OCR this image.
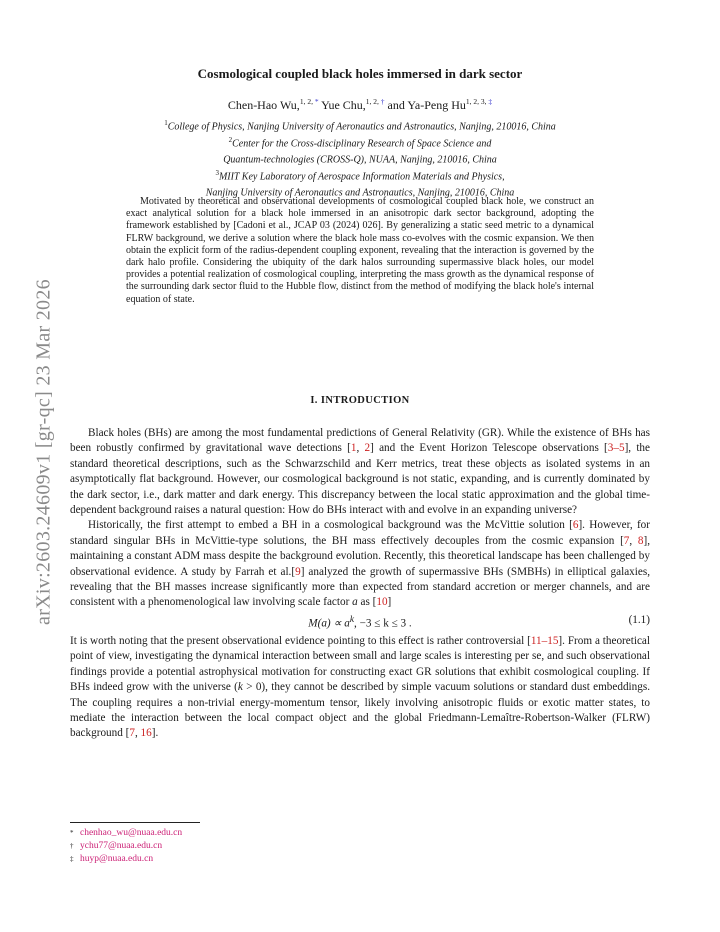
arXiv:2603.24609v1 [gr-qc] 23 Mar 2026
Cosmological coupled black holes immersed in dark sector
Chen-Hao Wu,$^{1, 2,}$ * Yue Chu,$^{1, 2,}$ † and Ya-Peng $Hu^{1, 2, 3,}$ ‡
$^1$College of Physics, Nanjing University of Aeronautics and Astronautics, Nanjing, 210016, China
$^2$Center for the Cross-disciplinary Research of Space Science and
Quantum-technologies (CROSS-Q), NUAA, Nanjing, 210016, China
$^3$MIIT Key Laboratory of Aerospace Information Materials and Physics,
Nanjing University of Aeronautics and Astronautics, Nanjing, 210016, China
Motivated by theoretical and observational developments of cosmological coupled black hole, we construct an exact analytical solution for a black hole immersed in an anisotropic dark sector background, adopting the framework established by [Cadoni et al., JCAP 03 (2024) 026]. By generalizing a static seed metric to a dynamical FLRW background, we derive a solution where the black hole mass co-evolves with the cosmic expansion. We then obtain the explicit form of the radius-dependent coupling exponent, revealing that the interaction is governed by the dark halo profile. Considering the ubiquity of the dark halos surrounding supermassive black holes, our model provides a potential realization of cosmological coupling, interpreting the mass growth as the dynamical response of the surrounding dark sector fluid to the Hubble flow, distinct from the method of modifying the black hole's internal equation of state.
I. INTRODUCTION

Black holes (BHs) are among the most fundamental predictions of General Relativity (GR). While the existence of BHs has been robustly confirmed by gravitational wave detections [1, 2] and the Event Horizon Telescope observations [3–5], the standard theoretical descriptions, such as the Schwarzschild and Kerr metrics, treat these objects as isolated systems in an asymptotically flat background. However, our cosmological background is not static, expanding, and is currently dominated by the dark sector, i.e., dark matter and dark energy. This discrepancy between the local static approximation and the global time-dependent background raises a natural question: How do BHs interact with and evolve in an expanding universe?

Historically, the first attempt to embed a BH in a cosmological background was the McVittie solution [6]. However, for standard singular BHs in McVittie-type solutions, the BH mass effectively decouples from the cosmic expansion [7, 8], maintaining a constant ADM mass despite the background evolution. Recently, this theoretical landscape has been challenged by observational evidence. A study by Farrah et al.[9] analyzed the growth of supermassive BHs (SMBHs) in elliptical galaxies, revealing that the BH masses increase significantly more than expected from standard accretion or merger channels, and are consistent with a phenomenological law involving scale factor a as [10]

$M(a) \propto a^k$, −3 ≤ k ≤ 3 .	(1.1)

It is worth noting that the present observational evidence pointing to this effect is rather controversial [11–15]. From a theoretical point of view, investigating the dynamical interaction between small and large scales is interesting per se, and such observational findings provide a potential astrophysical motivation for constructing exact GR solutions that exhibit cosmological coupling. If BHs indeed grow with the universe (k > 0), they cannot be described by simple vacuum solutions or standard dust embeddings. The coupling requires a non-trivial energy-momentum tensor, likely involving anisotropic fluids or exotic matter states, to mediate the interaction between the local compact object and the global Friedmann-Lemaître-Robertson-Walker (FLRW) background [7, 16].

* chenhao_wu@nuaa.edu.cn
† ychu77@nuaa.edu.cn
‡ huyp@nuaa.edu.cn
